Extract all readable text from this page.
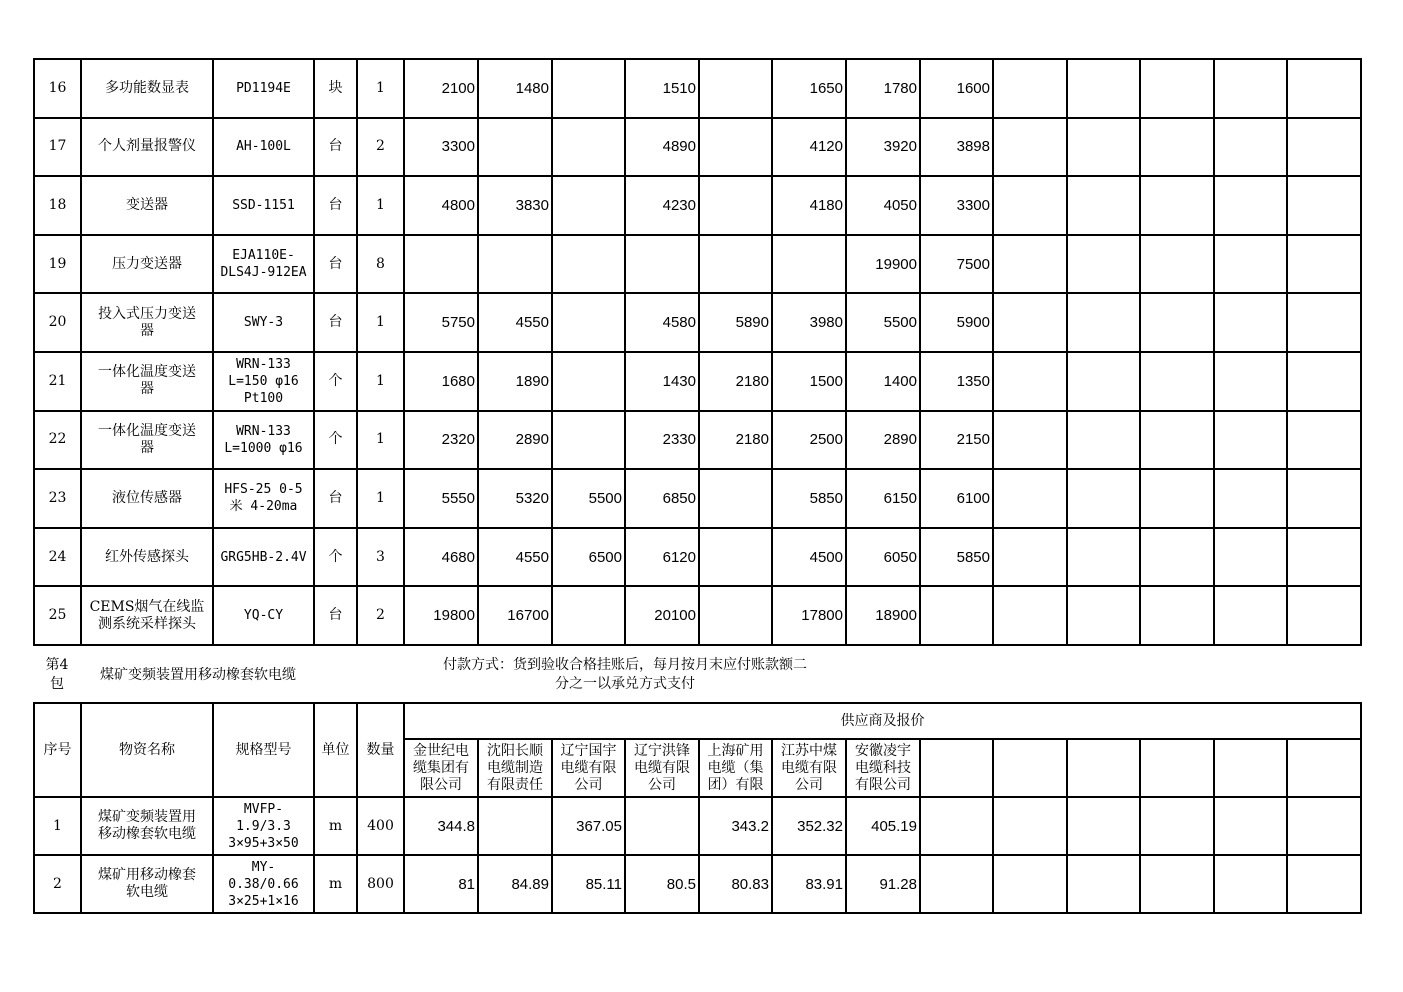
16	多功能数显表	PD1194E	块	1	2100	1480		1510		1650	1780	1600					
17	个人剂量报警仪	AH-100L	台	2	3300			4890		4120	3920	3898					
18	变送器	SSD-1151	台	1	4800	3830		4230		4180	4050	3300					
19	压力变送器	EJA110E-
DLS4J-912EA	台	8							19900	7500					
20	投入式压力变送
器	SWY-3	台	1	5750	4550		4580	5890	3980	5500	5900					
21	一体化温度变送
器	WRN-133
L=150 φ16
Pt100	个	1	1680	1890		1430	2180	1500	1400	1350					
22	一体化温度变送
器	WRN-133
L=1000 φ16	个	1	2320	2890		2330	2180	2500	2890	2150					
23	液位传感器	HFS-25 0-5
米 4-20ma	台	1	5550	5320	5500	6850		5850	6150	6100					
24	红外传感探头	GRG5HB-2.4V	个	3	4680	4550	6500	6120		4500	6050	5850					
25	CEMS烟气在线监
测系统采样探头	YQ-CY	台	2	19800	16700		20100		17800	18900						
第4
包
煤矿变频装置用移动橡套软电缆
付款方式：货到验收合格挂账后，每月按月末应付账款额二
分之一以承兑方式支付
序号	物资名称	规格型号	单位	数量	供应商及报价												
					金世纪电
缆集团有
限公司	沈阳长顺
电缆制造
有限责任	辽宁国宇
电缆有限
公司	辽宁洪锋
电缆有限
公司	上海矿用
电缆（集
团）有限	江苏中煤
电缆有限
公司	安徽凌宇
电缆科技
有限公司						
1	煤矿变频装置用
移动橡套软电缆	MVFP-
1.9/3.3
3×95+3×50	m	400	344.8		367.05		343.2	352.32	405.19						
2	煤矿用移动橡套
软电缆	MY-
0.38/0.66
3×25+1×16	m	800	81	84.89	85.11	80.5	80.83	83.91	91.28						
